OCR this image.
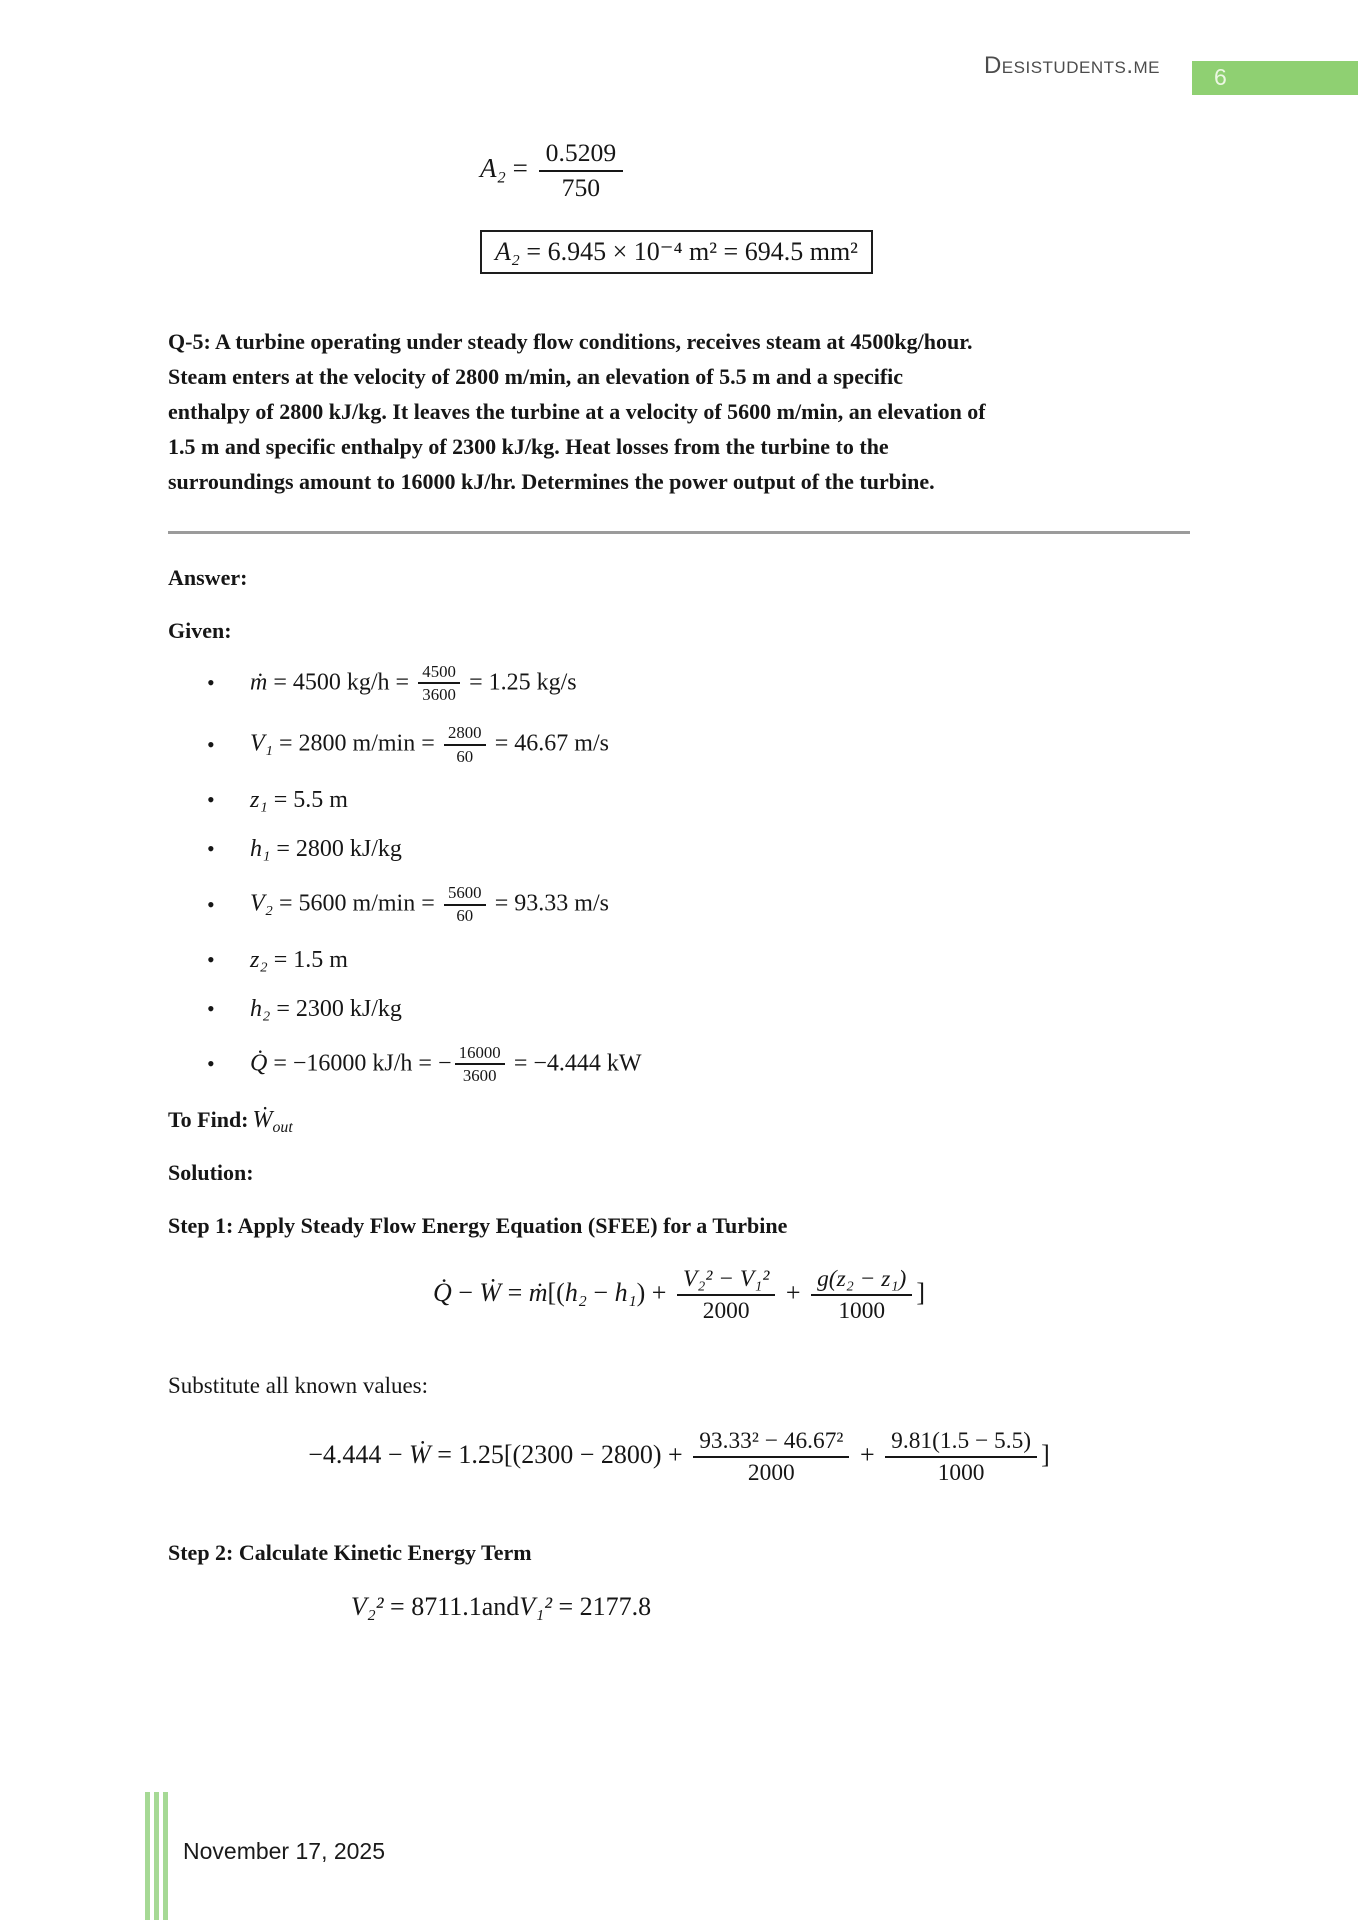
Desistudents.me 6
$A_2 = \frac{0.5209}{750}$
A₂ = 6.945 × 10⁻⁴ m² = 694.5 mm²

Q-5: A turbine operating under steady flow conditions, receives steam at 4500kg/hour. Steam enters at the velocity of 2800 m/min, an elevation of 5.5 m and a specific enthalpy of 2800 kJ/kg. It leaves the turbine at a velocity of 5600 m/min, an elevation of 1.5 m and specific enthalpy of 2300 kJ/kg. Heat losses from the turbine to the surroundings amount to 16000 kJ/hr. Determines the power output of the turbine.

Answer:
Given:
•	ṁ = 4500 $kg/h = \frac{4500}{3600} = 1.25$ kg/s
•	V₁ = 2800 $m/\min = \frac{2800}{60} = 46.67$ m/s
•	z₁ = 5.5 m
•	h₁ = 2800 kJ/kg
•	V₂ = 5600 $m/\min = \frac{5600}{60} = 93.33$ m/s
•	z₂ = 1.5 m
•	h₂ = 2300 kJ/kg
•	Q̇ = −16000 kJ/h = − $\frac{16000}{3600} = -4.444$ kW
To Find: Ẇ$_{out}$
Solution:
Step 1: Apply Steady Flow Energy Equation (SFEE) for a Turbine
Q̇ − Ẇ = ṁ[(h₂ − $h_1) + \frac{\text{V₂² − V₁²}}{2000} + \frac{\text{g(z₂ − z₁)}}{1000}$ ]
Substitute all known values:
−4.444 − Ẇ = $1.25[(2300 - 2800) + \frac{\text{93.33² − 46.67²}}{2000} + \frac{9.81(1.5 - 5.5)}{1000}$ ]
Step 2: Calculate Kinetic Energy Term
V₂² = 8711.1andV₁² = 2177.8
November 17, 2025
